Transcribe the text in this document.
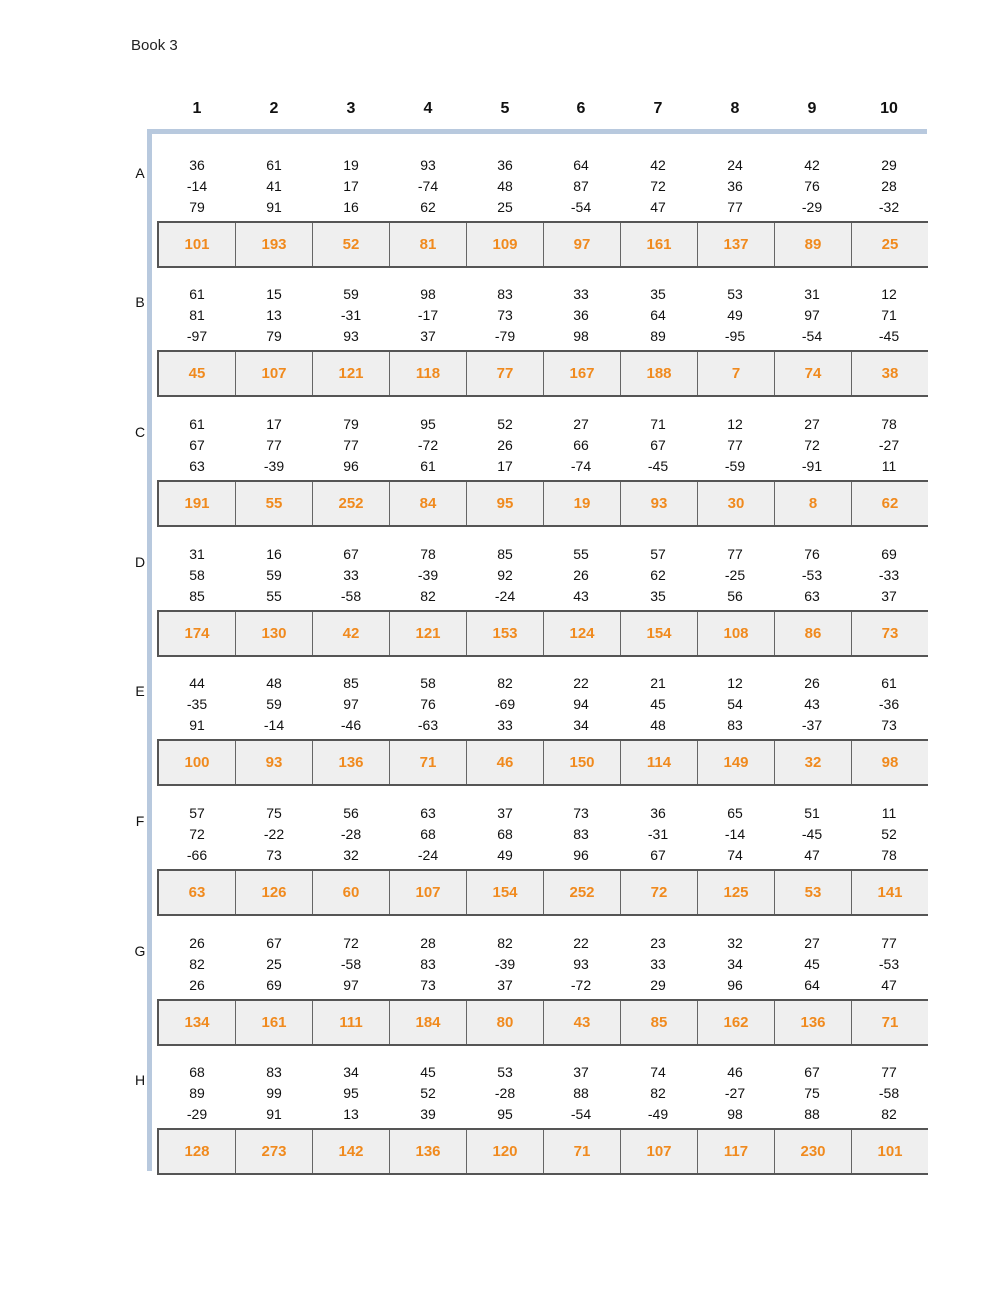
Book 3
1	2	3	4	5	6	7	8	9	10
A	36	61	19	93	36	64	42	24	42	29
-14	41	17	-74	48	87	72	36	76	28
79	91	16	62	25	-54	47	77	-29	-32
101	193	52	81	109	97	161	137	89	25
B	61	15	59	98	83	33	35	53	31	12
81	13	-31	-17	73	36	64	49	97	71
-97	79	93	37	-79	98	89	-95	-54	-45
45	107	121	118	77	167	188	7	74	38
C	61	17	79	95	52	27	71	12	27	78
67	77	77	-72	26	66	67	77	72	-27
63	-39	96	61	17	-74	-45	-59	-91	11
191	55	252	84	95	19	93	30	8	62
D	31	16	67	78	85	55	57	77	76	69
58	59	33	-39	92	26	62	-25	-53	-33
85	55	-58	82	-24	43	35	56	63	37
174	130	42	121	153	124	154	108	86	73
E	44	48	85	58	82	22	21	12	26	61
-35	59	97	76	-69	94	45	54	43	-36
91	-14	-46	-63	33	34	48	83	-37	73
100	93	136	71	46	150	114	149	32	98
F	57	75	56	63	37	73	36	65	51	11
72	-22	-28	68	68	83	-31	-14	-45	52
-66	73	32	-24	49	96	67	74	47	78
63	126	60	107	154	252	72	125	53	141
G	26	67	72	28	82	22	23	32	27	77
82	25	-58	83	-39	93	33	34	45	-53
26	69	97	73	37	-72	29	96	64	47
134	161	111	184	80	43	85	162	136	71
H	68	83	34	45	53	37	74	46	67	77
89	99	95	52	-28	88	82	-27	75	-58
-29	91	13	39	95	-54	-49	98	88	82
128	273	142	136	120	71	107	117	230	101
